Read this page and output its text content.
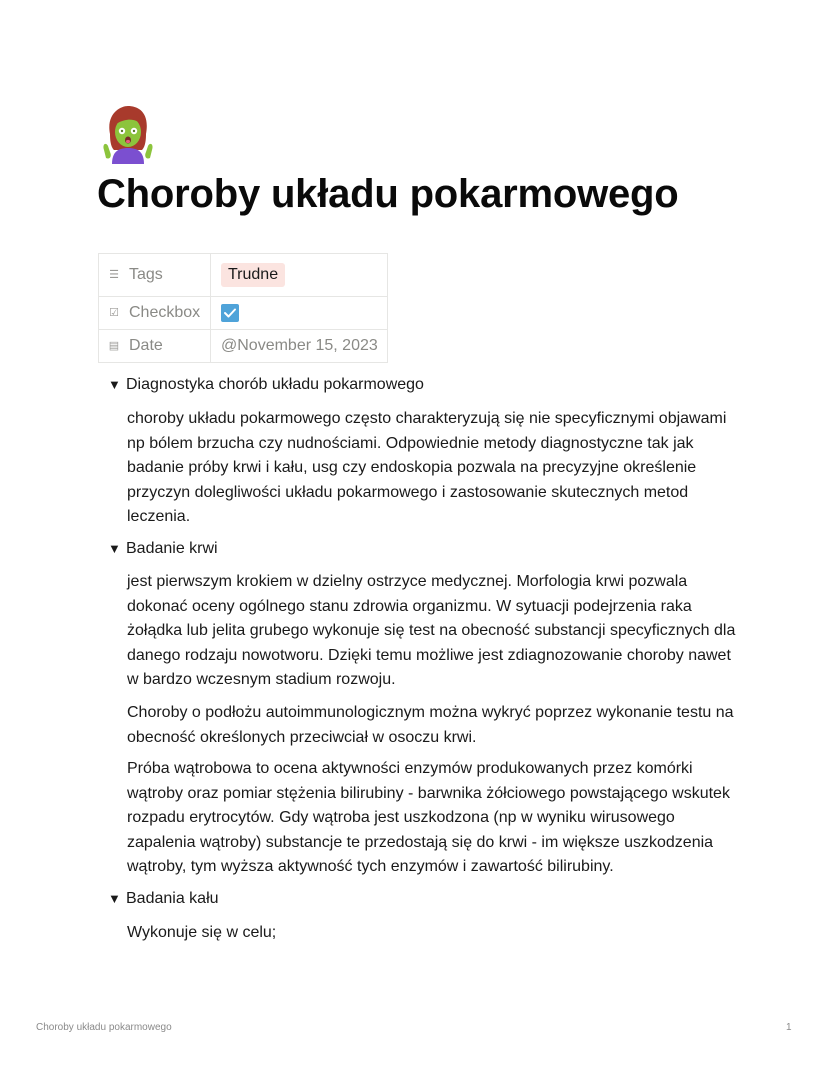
Choroby układu pokarmowego
☰ Tags	Trudne
☑ Checkbox	

▤ Date	@November 15, 2023
▼ Diagnostyka chorób układu pokarmowego

choroby układu pokarmowego często charakteryzują się nie specyficznymi objawami np bólem brzucha czy nudnościami. Odpowiednie metody diagnostyczne tak jak badanie próby krwi i kału, usg czy endoskopia pozwala na precyzyjne określenie przyczyn dolegliwości układu pokarmowego i zastosowanie skutecznych metod leczenia.

▼ Badanie krwi

jest pierwszym krokiem w dzielny ostrzyce medycznej. Morfologia krwi pozwala dokonać oceny ogólnego stanu zdrowia organizmu. W sytuacji podejrzenia raka żołądka lub jelita grubego wykonuje się test na obecność substancji specyficznych dla danego rodzaju nowotworu. Dzięki temu możliwe jest zdiagnozowanie choroby nawet w bardzo wczesnym stadium rozwoju.

Choroby o podłożu autoimmunologicznym można wykryć poprzez wykonanie testu na obecność określonych przeciwciał w osoczu krwi.

Próba wątrobowa to ocena aktywności enzymów produkowanych przez komórki wątroby oraz pomiar stężenia bilirubiny - barwnika żółciowego powstającego wskutek rozpadu erytrocytów. Gdy wątroba jest uszkodzona (np w wyniku wirusowego zapalenia wątroby) substancje te przedostają się do krwi - im większe uszkodzenia wątroby, tym wyższa aktywność tych enzymów i zawartość bilirubiny.

▼ Badania kału

Wykonuje się w celu;

Choroby układu pokarmowego	1
